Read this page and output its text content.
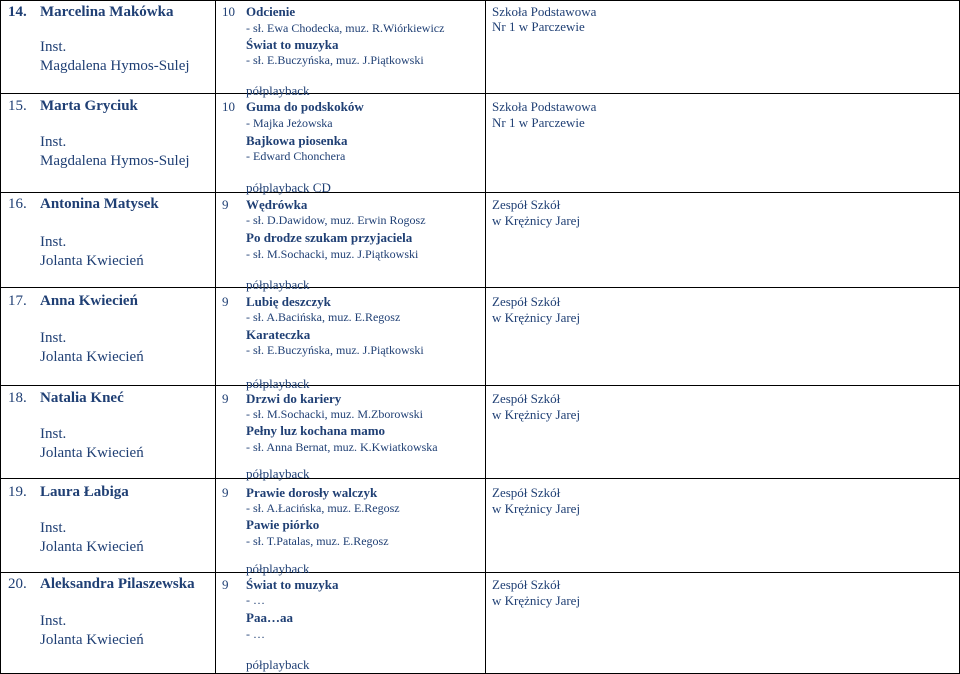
14. Marcelina Makówka
Inst.
Magdalena Hymos-Sulej
10 Odcienie
- sł. Ewa Chodecka, muz. R.Wiórkiewicz
Świat to muzyka
- sł. E.Buczyńska, muz. J.Piątkowski
półplayback
Szkoła Podstawowa
Nr 1 w Parczewie
15. Marta Gryciuk
Inst.
Magdalena Hymos-Sulej
10 Guma do podskoków
- Majka Jeżowska
Bajkowa piosenka
- Edward Chonchera
półplayback CD
Szkoła Podstawowa
Nr 1 w Parczewie
16. Antonina Matysek
Inst.
Jolanta Kwiecień
9 Wędrówka
- sł. D.Dawidow, muz. Erwin Rogosz
Po drodze szukam przyjaciela
- sł. M.Sochacki, muz. J.Piątkowski
półplayback
Zespół Szkół
w Krężnicy Jarej
17. Anna Kwiecień
Inst.
Jolanta Kwiecień
9 Lubię deszczyk
- sł. A.Bacińska, muz. E.Regosz
Karateczka
- sł. E.Buczyńska, muz. J.Piątkowski
półplayback
Zespół Szkół
w Krężnicy Jarej
18. Natalia Kneć
Inst.
Jolanta Kwiecień
9 Drzwi do kariery
- sł. M.Sochacki, muz. M.Zborowski
Pełny luz kochana mamo
- sł. Anna Bernat, muz. K.Kwiatkowska
półplayback
Zespół Szkół
w Krężnicy Jarej
19. Laura Łabiga
Inst.
Jolanta Kwiecień
9 Prawie dorosły walczyk
- sł. A.Łacińska, muz. E.Regosz
Pawie piórko
- sł. T.Patalas, muz. E.Regosz
półplayback
Zespół Szkół
w Krężnicy Jarej
20. Aleksandra Pilaszewska
Inst.
Jolanta Kwiecień
9 Świat to muzyka
- …
Paa…aa
- …
półplayback
Zespół Szkół
w Krężnicy Jarej
